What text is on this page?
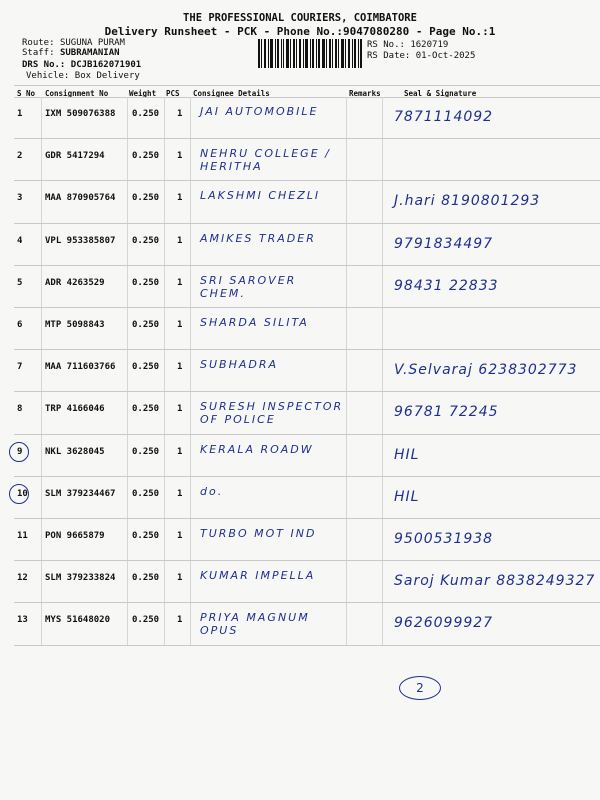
THE PROFESSIONAL COURIERS, COIMBATORE
Delivery Runsheet - PCK - Phone No.:9047080280 - Page No.:1
Route: SUGUNA PURAM
Staff: SUBRAMANIAN
DRS No.: DCJB162071901
Vehicle: Box Delivery
RS No.: 1620719
RS Date: 01-Oct-2025
S No Consignment No	Weight PCS Consignee Details	Remarks	Seal & Signature
1	IXM 509076388 0.250 1 JAI AUTOMOBILE	7871114092
2	GDR 5417294	0.250 1 NEHRU COLLEGE / HERITHA
3	MAA 870905764 0.250 1 LAKSHMI CHEZLI	J.hari 8190801293
4	VPL 953385807 0.250 1 AMIKES TRADER	9791834497
5	ADR 4263529	0.250 1 SRI SAROVER CHEM.	98431 22833
6	MTP 5098843	0.250 1 SHARDA SILITA
7	MAA 711603766 0.250 1 SUBHADRA	V.Selvaraj 6238302773
8	TRP 4166046	0.250 1 SURESH INSPECTOR OF POLICE	96781 72245
9	NKL 3628045	0.250 1 KERALA ROADW	HIL
10 SLM 379234467 0.250 1 do.	HIL
11 PON 9665879	0.250 1 TURBO MOT IND	9500531938
12 SLM 379233824 0.250 1 KUMAR IMPELLA	Saroj Kumar 8838249327
13 MYS 51648020 0.250 1 PRIYA MAGNUM OPUS	9626099927
2
